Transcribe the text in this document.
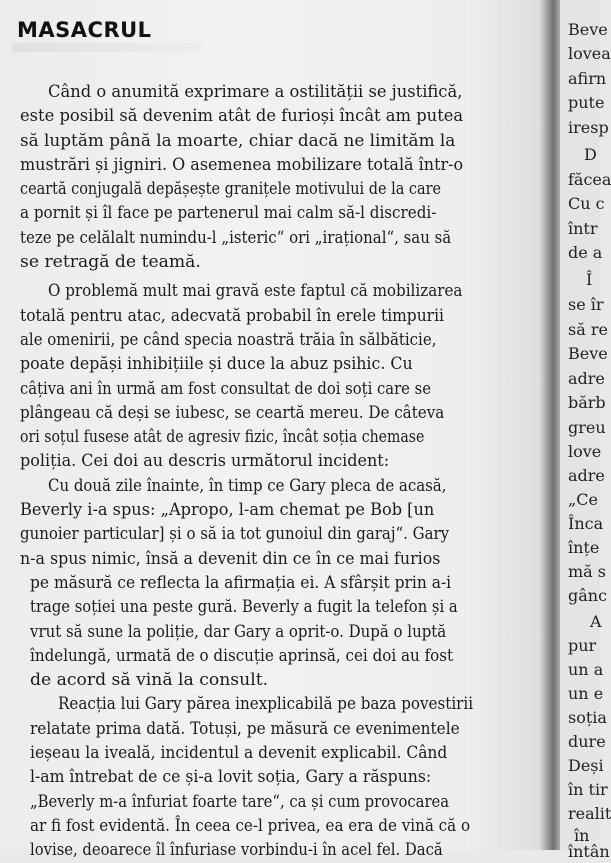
MASACRUL
Când o anumită exprimare a ostilității se justifică,
este posibil să devenim atât de furioși încât am putea
să luptăm până la moarte, chiar dacă ne limităm la
mustrări și jigniri. O asemenea mobilizare totală într-o
ceartă conjugală depășește granițele motivului de la care
a pornit și îl face pe partenerul mai calm să-l discredi-
teze pe celălalt numindu-l „isteric“ ori „irațional“, sau să
se retragă de teamă.
O problemă mult mai gravă este faptul că mobilizarea
totală pentru atac, adecvată probabil în erele timpurii
ale omenirii, pe când specia noastră trăia în sălbăticie,
poate depăși inhibițiile și duce la abuz psihic. Cu
câțiva ani în urmă am fost consultat de doi soți care se
plângeau că deși se iubesc, se ceartă mereu. De câteva
ori soțul fusese atât de agresiv fizic, încât soția chemase
poliția. Cei doi au descris următorul incident:
Cu două zile înainte, în timp ce Gary pleca de acasă,
Beverly i-a spus: „Apropo, l-am chemat pe Bob [un
gunoier particular] și o să ia tot gunoiul din garaj“. Gary
n-a spus nimic, însă a devenit din ce în ce mai furios
pe măsură ce reflecta la afirmația ei. A sfârșit prin a-i
trage soției una peste gură. Beverly a fugit la telefon și a
vrut să sune la poliție, dar Gary a oprit-o. După o luptă
îndelungă, urmată de o discuție aprinsă, cei doi au fost
de acord să vină la consult.
Reacția lui Gary părea inexplicabilă pe baza povestirii
relatate prima dată. Totuși, pe măsură ce evenimentele
ieșeau la iveală, incidentul a devenit explicabil. Când
l-am întrebat de ce și-a lovit soția, Gary a răspuns:
„Beverly m-a înfuriat foarte tare“, ca și cum provocarea
ar fi fost evidentă. În ceea ce-l privea, ea era de vină că o
lovise, deoarece îl înfuriase vorbindu-i în acel fel. Dacă
Beve
lovea
afirn
pute
iresp
D
făcea
Cu c
într
de a
Î
se îr
să re
Beve
adre
bărb
greu
love
adre
„Ce
Înca
înțe
mă s
gânc
A
pur
un a
un e
soția
dure
Deși
în tir
realit
în
întân
